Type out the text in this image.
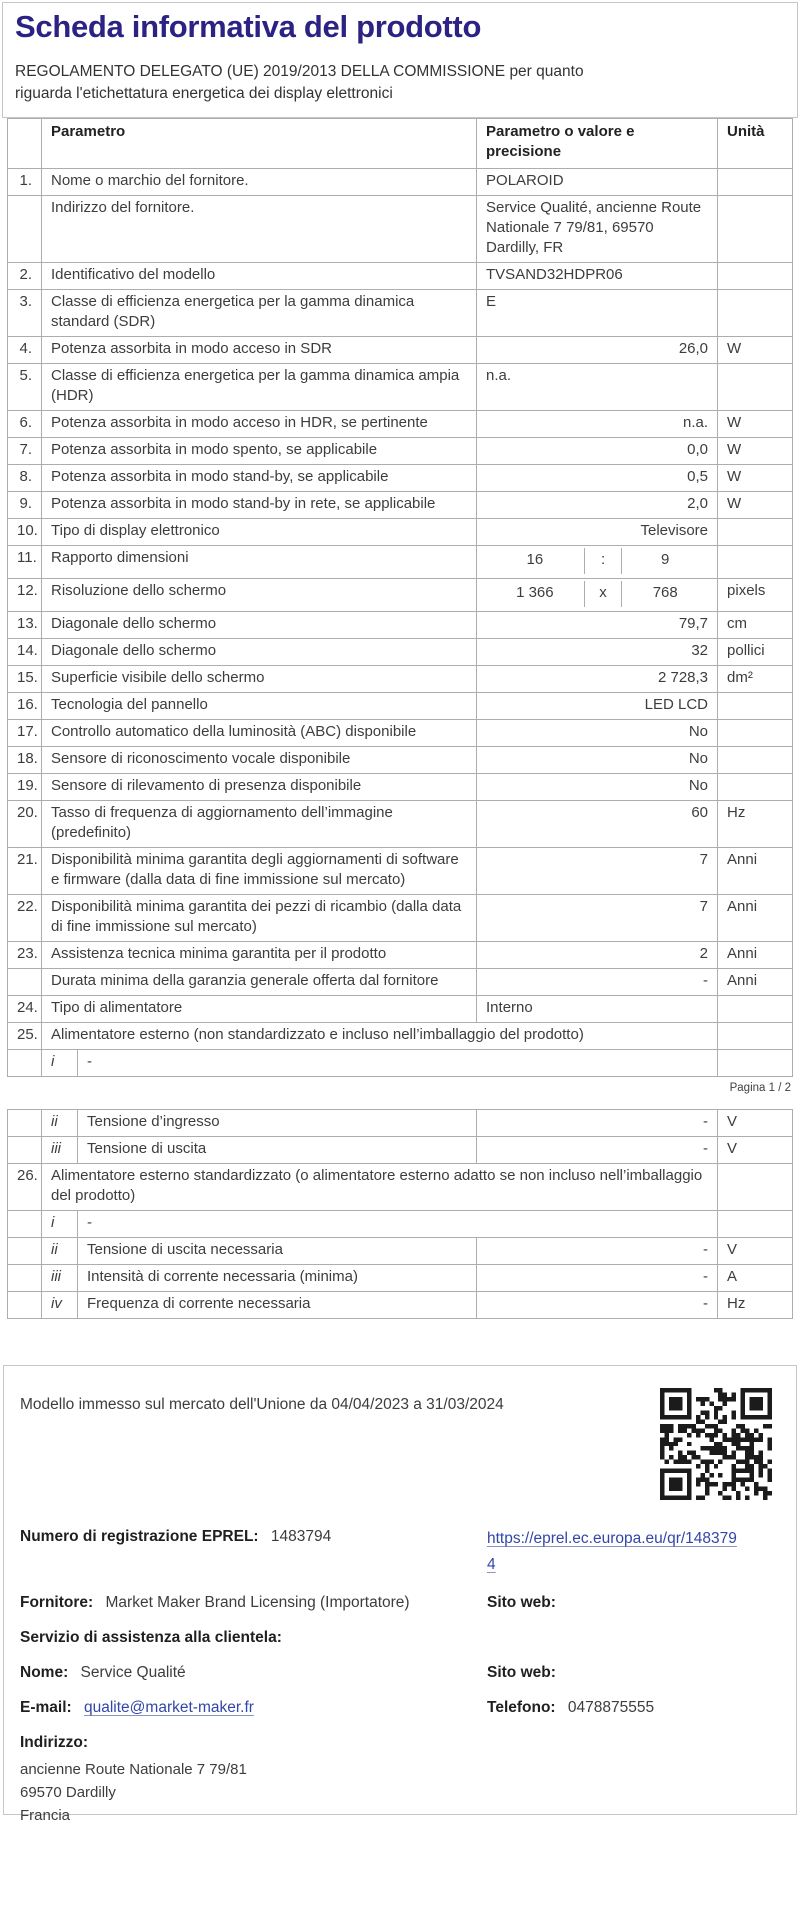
Scheda informativa del prodotto

REGOLAMENTO DELEGATO (UE) 2019/2013 DELLA COMMISSIONE per quanto riguarda l'etichettatura energetica dei display elettronici

	Parametro		Parametro o valore e precisione	Unità
1.	Nome o marchio del fornitore.		POLAROID	
	Indirizzo del fornitore.		Service Qualité, ancienne Route Nationale 7 79/81, 69570 Dardilly, FR	
2.	Identificativo del modello		TVSAND32HDPR06	
3.	Classe di efficienza energetica per la gamma dinamica standard (SDR)		E	
4.	Potenza assorbita in modo acceso in SDR		26,0	W
5.	Classe di efficienza energetica per la gamma dinamica ampia (HDR)		n.a.	
6.	Potenza assorbita in modo acceso in HDR, se pertinente		n.a.	W
7.	Potenza assorbita in modo spento, se applicabile		0,0	W
8.	Potenza assorbita in modo stand-by, se applicabile		0,5	W
9.	Potenza assorbita in modo stand-by in rete, se applicabile		2,0	W
10.	Tipo di display elettronico		Televisore	
11.	Rapporto dimensioni		16 : 9	

12.	Risoluzione dello schermo		1 366 x 768	pixels
13.	Diagonale dello schermo		79,7	cm
14.	Diagonale dello schermo		32	pollici
15.	Superficie visibile dello schermo		2 728,3	dm²
16.	Tecnologia del pannello		LED LCD	
17.	Controllo automatico della luminosità (ABC) disponibile		No	
18.	Sensore di riconoscimento vocale disponibile		No	
19.	Sensore di rilevamento di presenza disponibile		No	
20.	Tasso di frequenza di aggiornamento dell’immagine (predefinito)		60	Hz
21.	Disponibilità minima garantita degli aggiornamenti di software e firmware (dalla data di fine immissione sul mercato)		7	Anni
22.	Disponibilità minima garantita dei pezzi di ricambio (dalla data di fine immissione sul mercato)		7	Anni
23.	Assistenza tecnica minima garantita per il prodotto		2	Anni
	Durata minima della garanzia generale offerta dal fornitore		-	Anni
24.	Tipo di alimentatore		Interno	
25.	Alimentatore esterno (non standardizzato e incluso nell’imballaggio del prodotto)			
	i	-		
Pagina 1 / 2
	ii	Tensione d’ingresso	-	V
	iii	Tensione di uscita	-	V
26.	Alimentatore esterno standardizzato (o alimentatore esterno adatto se non incluso nell’imballaggio del prodotto)			
	i	-		
	ii	Tensione di uscita necessaria	-	V
	iii	Intensità di corrente necessaria (minima)	-	A
	iv	Frequenza di corrente necessaria	-	Hz
Modello immesso sul mercato dell'Unione da 04/04/2023 a 31/03/2024
Numero di registrazione EPREL: 1483794	https://eprel.ec.europa.eu/qr/1483794
Fornitore: Market Maker Brand Licensing (Importatore)	Sito web:
Servizio di assistenza alla clientela:
Nome: Service Qualité	Sito web:
E-mail: qualite@market-maker.fr	Telefono: 0478875555
Indirizzo:
ancienne Route Nationale 7 79/81
69570 Dardilly
Francia
